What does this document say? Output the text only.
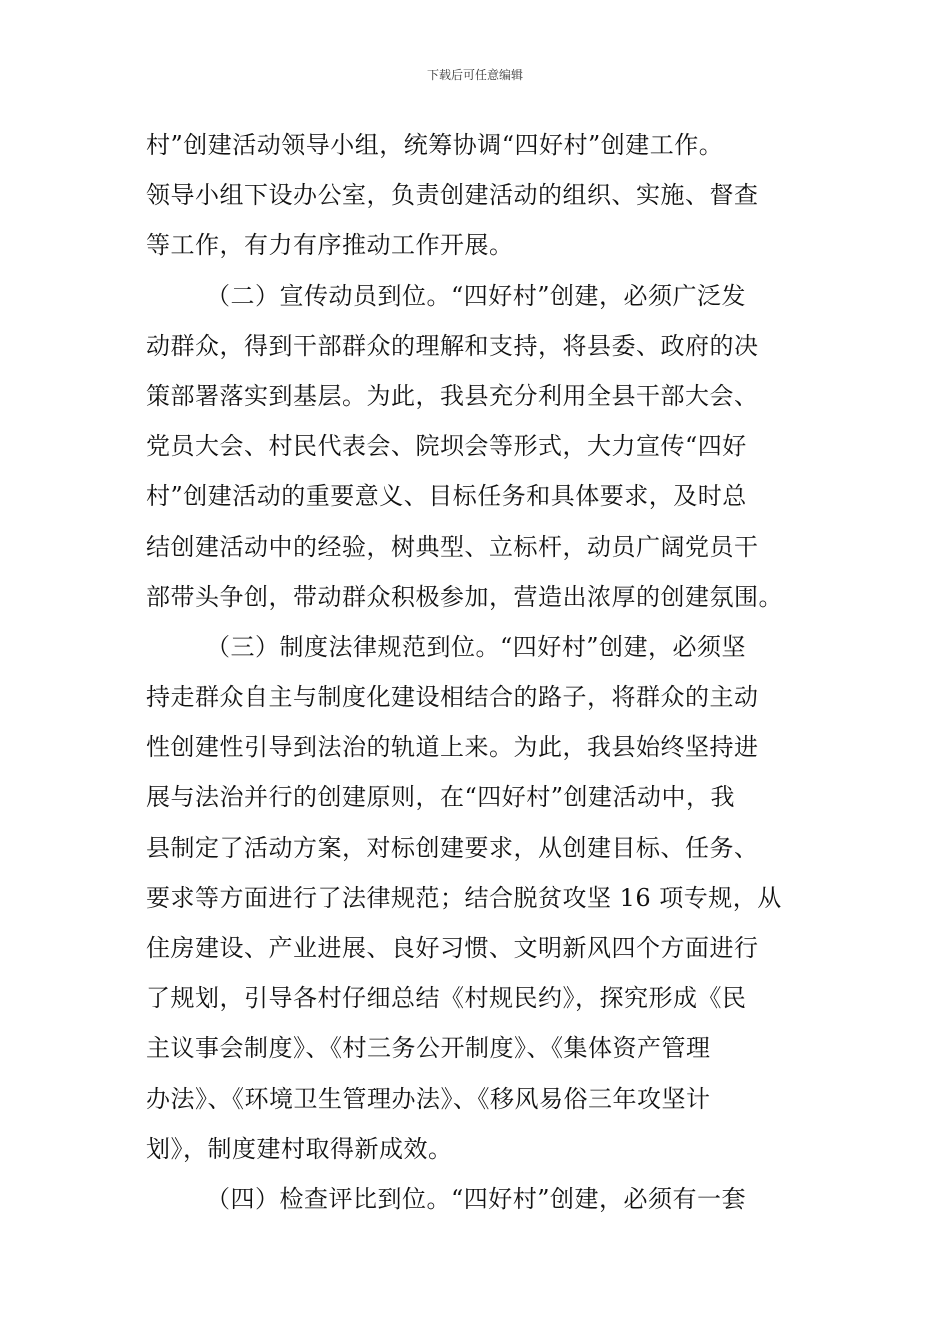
下载后可任意编辑
村”创建活动领导小组，统筹协调“四好村”创建工作。
领导小组下设办公室，负责创建活动的组织、实施、督查
等工作，有力有序推动工作开展。
（二）宣传动员到位。“四好村”创建，必须广泛发
动群众，得到干部群众的理解和支持，将县委、政府的决
策部署落实到基层。为此，我县充分利用全县干部大会、
党员大会、村民代表会、院坝会等形式，大力宣传“四好
村”创建活动的重要意义、目标任务和具体要求，及时总
结创建活动中的经验，树典型、立标杆，动员广阔党员干
部带头争创，带动群众积极参加，营造出浓厚的创建氛围。
（三）制度法律规范到位。“四好村”创建，必须坚
持走群众自主与制度化建设相结合的路子，将群众的主动
性创建性引导到法治的轨道上来。为此，我县始终坚持进
展与法治并行的创建原则，在“四好村”创建活动中，我
县制定了活动方案，对标创建要求，从创建目标、任务、
要求等方面进行了法律规范；结合脱贫攻坚 16 项专规，从
住房建设、产业进展、良好习惯、文明新风四个方面进行
了规划，引导各村仔细总结《村规民约》，探究形成《民
主议事会制度》、《村三务公开制度》、《集体资产管理
办法》、《环境卫生管理办法》、《移风易俗三年攻坚计
划》，制度建村取得新成效。
（四）检查评比到位。“四好村”创建，必须有一套
